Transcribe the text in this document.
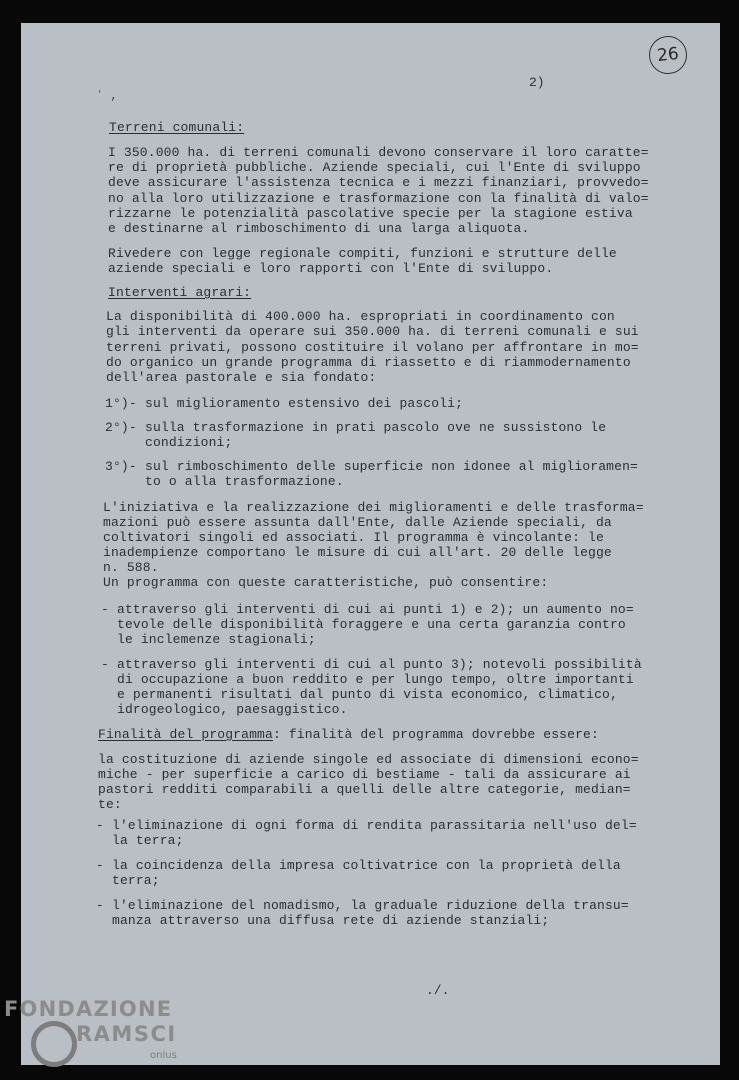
26
2)
ʼ ,

Terreni comunali:

I 350.000 ha. di terreni comunali devono conservare il loro caratte=

re di proprietà pubbliche. Aziende speciali, cui l'Ente di sviluppo

deve assicurare l'assistenza tecnica e i mezzi finanziari, provvedo=

no alla loro utilizzazione e trasformazione con la finalità di valo=

rizzarne le potenzialità pascolative specie per la stagione estiva

e destinarne al rimboschimento di una larga aliquota.

Rivedere con legge regionale compiti, funzioni e strutture delle

aziende speciali e loro rapporti con l'Ente di sviluppo.

Interventi agrari:

La disponibilità di 400.000 ha. espropriati in coordinamento con

gli interventi da operare sui 350.000 ha. di terreni comunali e sui

terreni privati, possono costituire il volano per affrontare in mo=

do organico un grande programma di riassetto e di riammodernamento

dell'area pastorale e sia fondato:

1°)- sul miglioramento estensivo dei pascoli;

2°)- sulla trasformazione in prati pascolo ove ne sussistono le

condizioni;

3°)- sul rimboschimento delle superficie non idonee al miglioramen=

to o alla trasformazione.

L'iniziativa e la realizzazione dei miglioramenti e delle trasforma=

mazioni può essere assunta dall'Ente, dalle Aziende speciali, da

coltivatori singoli ed associati. Il programma è vincolante: le

inadempienze comportano le misure di cui all'art. 20 delle legge

n. 588.

Un programma con queste caratteristiche, può consentire:

- attraverso gli interventi di cui ai punti 1) e 2); un aumento no=

tevole delle disponibilità foraggere e una certa garanzia contro

le inclemenze stagionali;

- attraverso gli interventi di cui al punto 3); notevoli possibilità

di occupazione a buon reddito e per lungo tempo, oltre importanti

e permanenti risultati dal punto di vista economico, climatico,

idrogeologico, paesaggistico.

Finalità del programma: finalità del programma dovrebbe essere:

la costituzione di aziende singole ed associate di dimensioni econo=

miche - per superficie a carico di bestiame - tali da assicurare ai

pastori redditi comparabili a quelli delle altre categorie, median=

te:

- l'eliminazione di ogni forma di rendita parassitaria nell'uso del=

la terra;

- la coincidenza della impresa coltivatrice con la proprietà della

terra;

- l'eliminazione del nomadismo, la graduale riduzione della transu=

manza attraverso una diffusa rete di aziende stanziali;

./.
FONDAZIONE
RAMSCI
onlus
